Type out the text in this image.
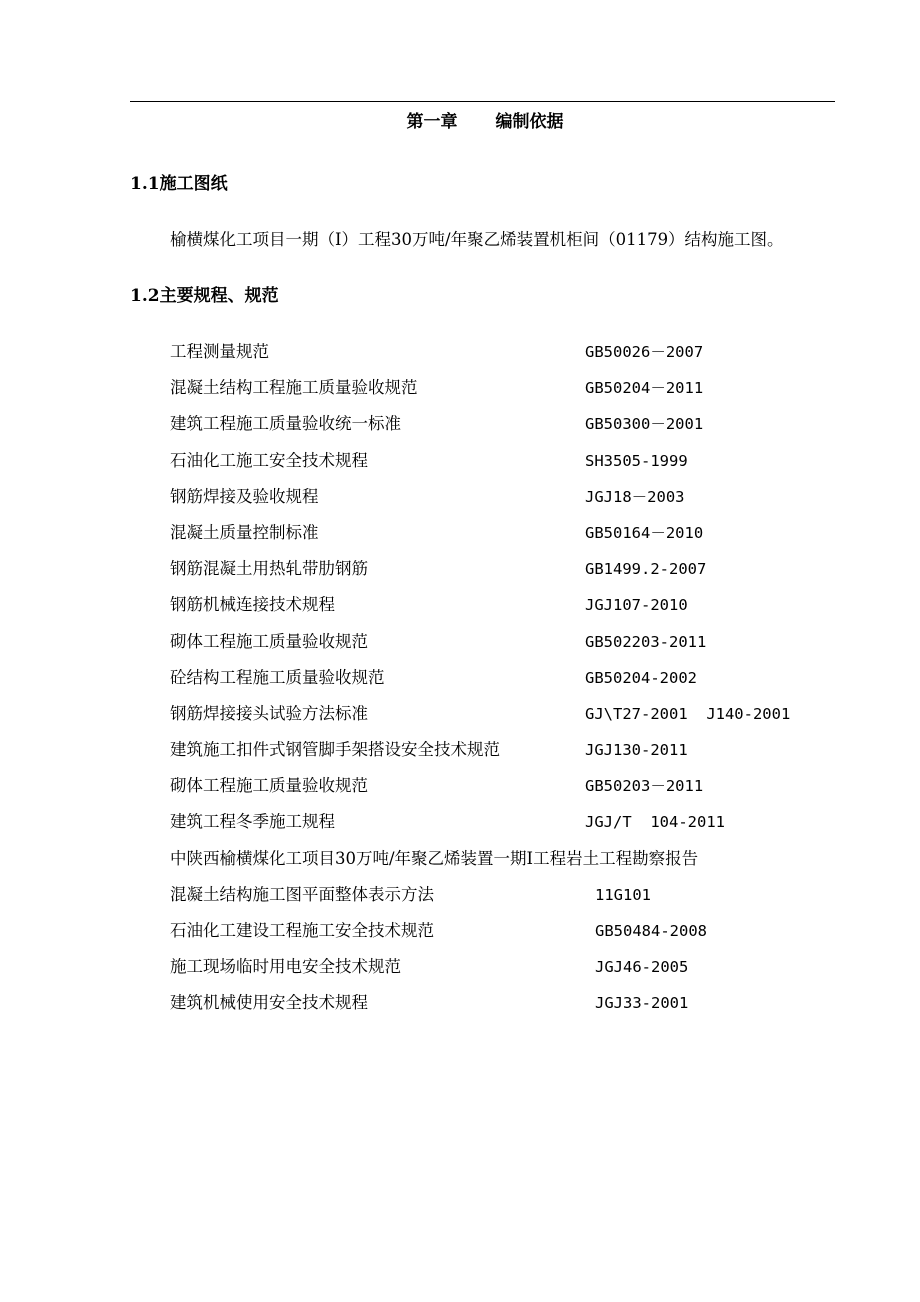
第一章 编制依据
1.1施工图纸
榆横煤化工项目一期（I）工程30万吨/年聚乙烯装置机柜间（01179）结构施工图。
1.2主要规程、规范
工程测量规范	GB50026－2007
混凝土结构工程施工质量验收规范	GB50204－2011
建筑工程施工质量验收统一标准	GB50300－2001
石油化工施工安全技术规程	SH3505-1999
钢筋焊接及验收规程	JGJ18－2003
混凝土质量控制标准	GB50164－2010
钢筋混凝土用热轧带肋钢筋	GB1499.2-2007
钢筋机械连接技术规程	JGJ107-2010
砌体工程施工质量验收规范	GB502203-2011
砼结构工程施工质量验收规范	GB50204-2002
钢筋焊接接头试验方法标准	GJ\T27-2001  J140-2001
建筑施工扣件式钢管脚手架搭设安全技术规范	JGJ130-2011
砌体工程施工质量验收规范	GB50203－2011
建筑工程冬季施工规程	JGJ/T  104-2011
中陕西榆横煤化工项目30万吨/年聚乙烯装置一期I工程岩土工程勘察报告
混凝土结构施工图平面整体表示方法	11G101
石油化工建设工程施工安全技术规范	GB50484-2008
施工现场临时用电安全技术规范	JGJ46-2005
建筑机械使用安全技术规程	JGJ33-2001
